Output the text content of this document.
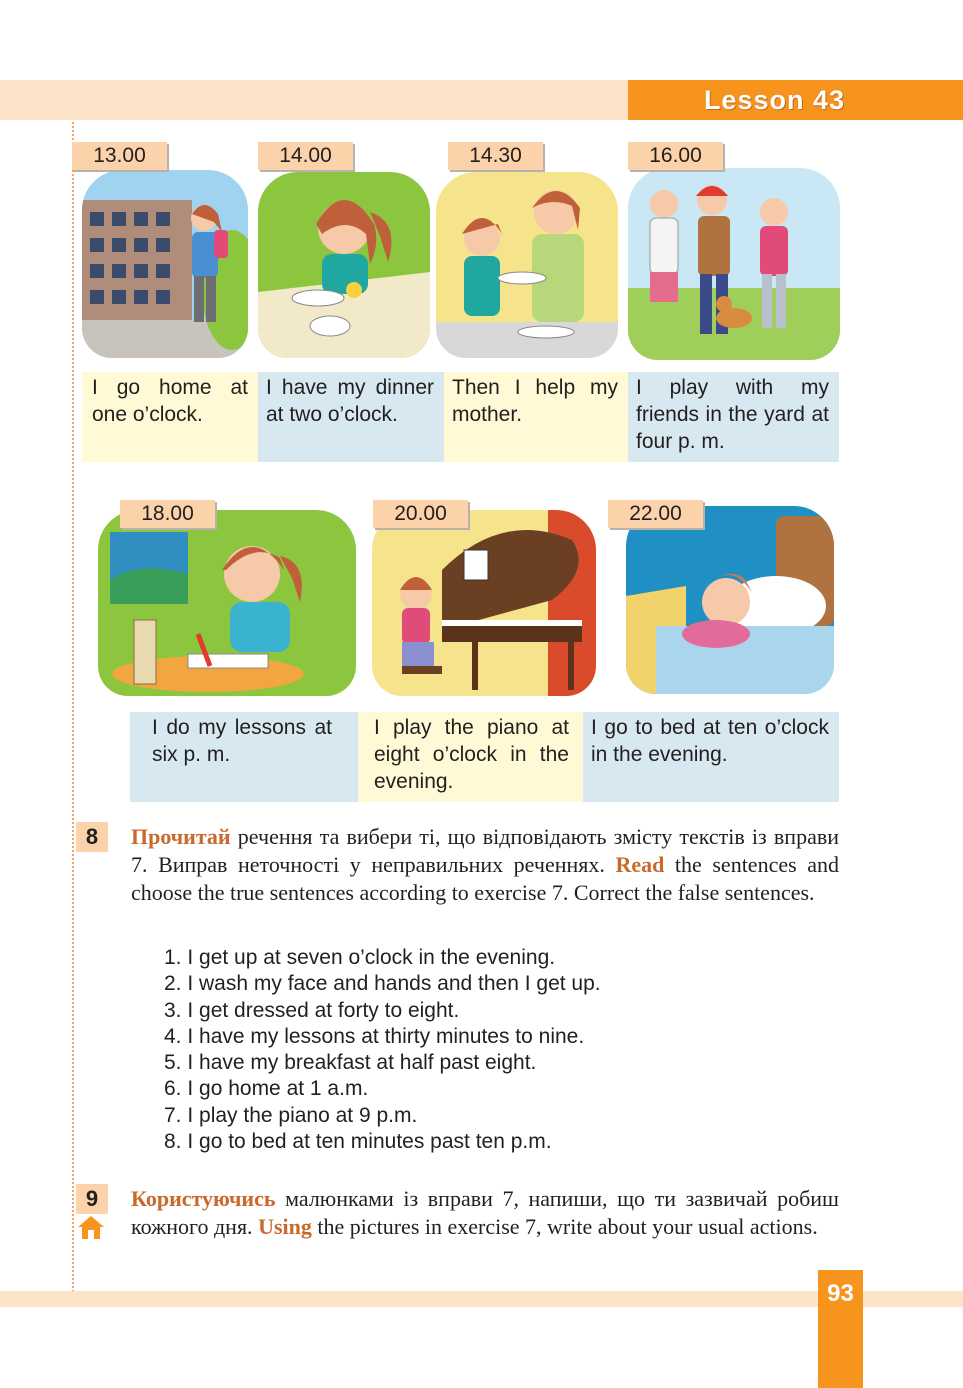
Lesson 43
13.00	14.00	14.30	16.00
I go home at one o’clock.
I have my dinner at two o’clock.
Then I help my mother.
I play with my friends in the yard at four p. m.
18.00	20.00	22.00
I do my lessons at six p. m.
I play the piano at eight o’clock in the evening.
I go to bed at ten o’clock in the evening.
8	Прочитай речення та вибери ті, що відповідають змісту текстів із вправи 7. Виправ неточності у неправильних реченнях. Read the sentences and choose the true sentences according to exercise 7. Correct the false sentences.
1. I get up at seven o’clock in the evening.
2. I wash my face and hands and then I get up.
3. I get dressed at forty to eight.
4. I have my lessons at thirty minutes to nine.
5. I have my breakfast at half past eight.
6. I go home at 1 a.m.
7. I play the piano at 9 p.m.
8. I go to bed at ten minutes past ten p.m.
9	Користуючись малюнками із вправи 7, напиши, що ти зазвичай робиш кожного дня. Using the pictures in exercise 7, write about your usual actions.
93
